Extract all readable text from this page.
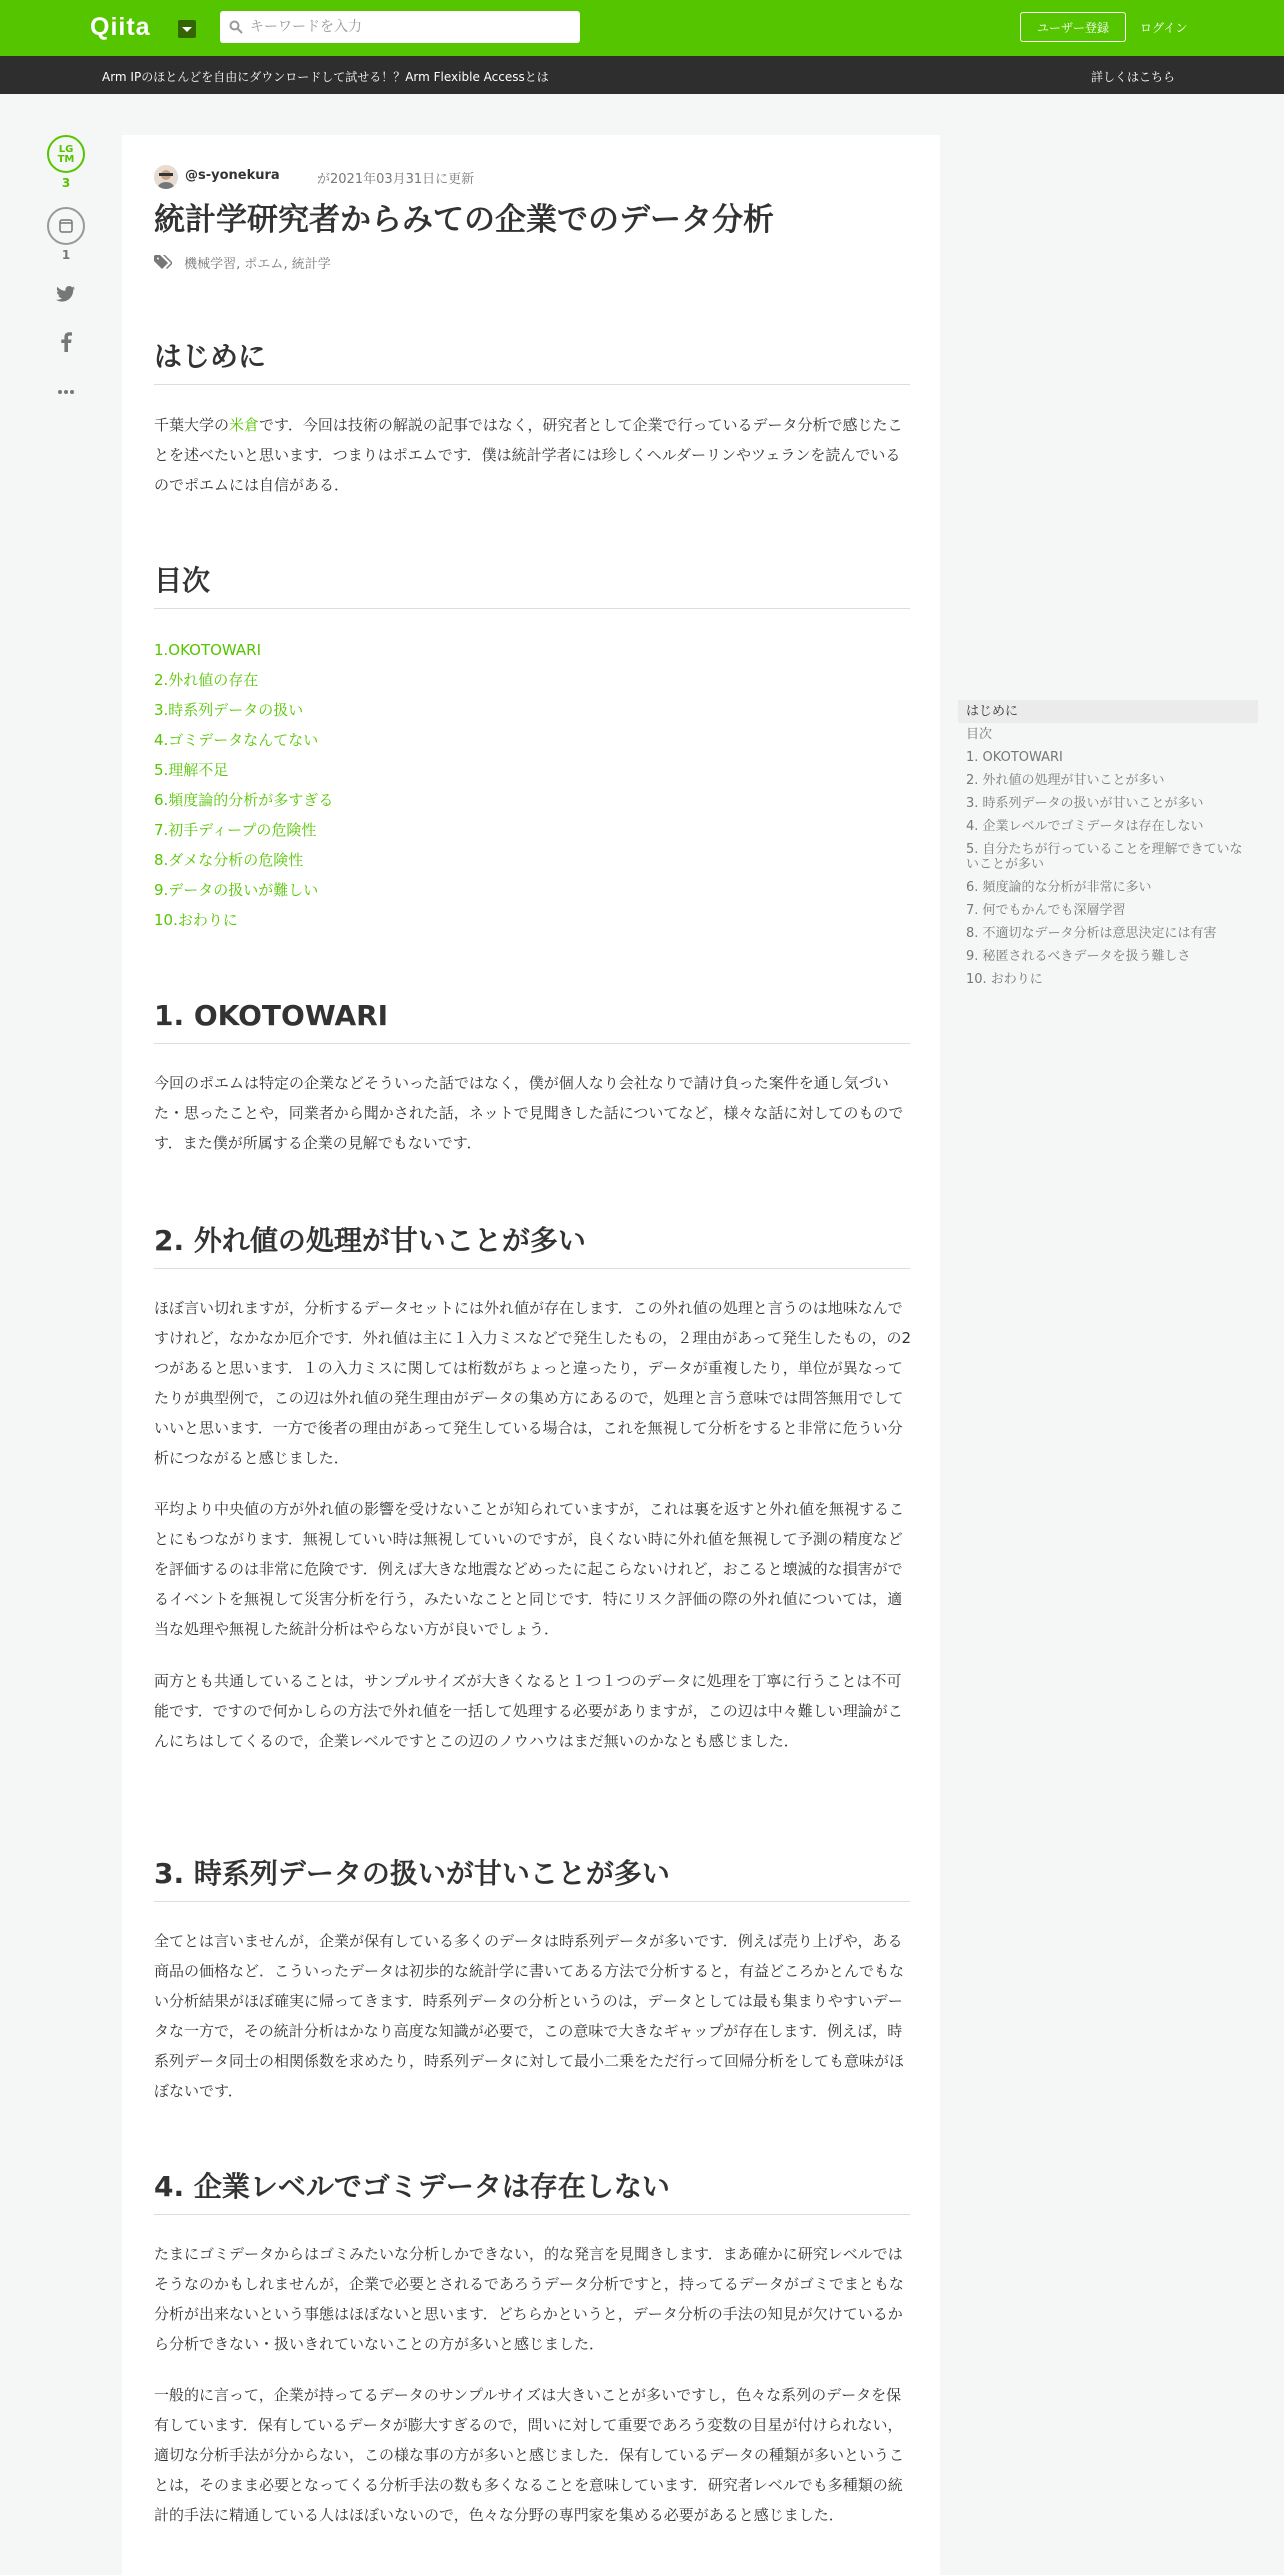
Qiita
キーワードを入力	ユーザー登録	ログイン
Arm IPのほとんどを自由にダウンロードして試せる！？Arm Flexible Accessとは	詳しくはこちら
LG TM
3
1
@s-yonekura	が2021年03月31日に更新
統計学研究者からみての企業でのデータ分析
機械学習, ポエム, 統計学
はじめに

千葉大学の米倉です．今回は技術の解説の記事ではなく，研究者として企業で行っているデータ分析で感じたことを述べたいと思います．つまりはポエムです．僕は統計学者には珍しくヘルダーリンやツェランを読んでいるのでポエムには自信がある．

目次
1.OKOTOWARI
2.外れ値の存在
3.時系列データの扱い
4.ゴミデータなんてない
5.理解不足
6.頻度論的分析が多すぎる
7.初手ディープの危険性
8.ダメな分析の危険性
9.データの扱いが難しい
10.おわりに
1. OKOTOWARI

今回のポエムは特定の企業などそういった話ではなく，僕が個人なり会社なりで請け負った案件を通し気づいた・思ったことや，同業者から聞かされた話，ネットで見聞きした話についてなど，様々な話に対してのものです．また僕が所属する企業の見解でもないです．

2. 外れ値の処理が甘いことが多い

ほぼ言い切れますが，分析するデータセットには外れ値が存在します．この外れ値の処理と言うのは地味なんですけれど，なかなか厄介です．外れ値は主に１入力ミスなどで発生したもの，２理由があって発生したもの，の2つがあると思います．１の入力ミスに関しては桁数がちょっと違ったり，データが重複したり，単位が異なってたりが典型例で，この辺は外れ値の発生理由がデータの集め方にあるので，処理と言う意味では問答無用でしていいと思います．一方で後者の理由があって発生している場合は，これを無視して分析をすると非常に危うい分析につながると感じました．

平均より中央値の方が外れ値の影響を受けないことが知られていますが，これは裏を返すと外れ値を無視することにもつながります．無視していい時は無視していいのですが，良くない時に外れ値を無視して予測の精度などを評価するのは非常に危険です．例えば大きな地震などめったに起こらないけれど，おこると壊滅的な損害がでるイベントを無視して災害分析を行う，みたいなことと同じです．特にリスク評価の際の外れ値については，適当な処理や無視した統計分析はやらない方が良いでしょう．

両方とも共通していることは，サンプルサイズが大きくなると１つ１つのデータに処理を丁寧に行うことは不可能です．ですので何かしらの方法で外れ値を一括して処理する必要がありますが，この辺は中々難しい理論がこんにちはしてくるので，企業レベルですとこの辺のノウハウはまだ無いのかなとも感じました．

3. 時系列データの扱いが甘いことが多い

全てとは言いませんが，企業が保有している多くのデータは時系列データが多いです．例えば売り上げや，ある商品の価格など．こういったデータは初歩的な統計学に書いてある方法で分析すると，有益どころかとんでもない分析結果がほぼ確実に帰ってきます．時系列データの分析というのは，データとしては最も集まりやすいデータな一方で，その統計分析はかなり高度な知識が必要で，この意味で大きなギャップが存在します．例えば，時系列データ同士の相関係数を求めたり，時系列データに対して最小二乗をただ行って回帰分析をしても意味がほぼないです．

4. 企業レベルでゴミデータは存在しない

たまにゴミデータからはゴミみたいな分析しかできない，的な発言を見聞きします．まあ確かに研究レベルではそうなのかもしれませんが，企業で必要とされるであろうデータ分析ですと，持ってるデータがゴミでまともな分析が出来ないという事態はほぼないと思います．どちらかというと，データ分析の手法の知見が欠けているから分析できない・扱いきれていないことの方が多いと感じました．

一般的に言って，企業が持ってるデータのサンプルサイズは大きいことが多いですし，色々な系列のデータを保有しています．保有しているデータが膨大すぎるので，問いに対して重要であろう変数の目星が付けられない，適切な分析手法が分からない，この様な事の方が多いと感じました．保有しているデータの種類が多いということは，そのまま必要となってくる分析手法の数も多くなることを意味しています．研究者レベルでも多種類の統計的手法に精通している人はほぼいないので，色々な分野の専門家を集める必要があると感じました．

はじめに
目次
1. OKOTOWARI
2. 外れ値の処理が甘いことが多い
3. 時系列データの扱いが甘いことが多い
4. 企業レベルでゴミデータは存在しない
5. 自分たちが行っていることを理解できていないことが多い
6. 頻度論的な分析が非常に多い
7. 何でもかんでも深層学習
8. 不適切なデータ分析は意思決定には有害
9. 秘匿されるべきデータを扱う難しさ
10. おわりに
